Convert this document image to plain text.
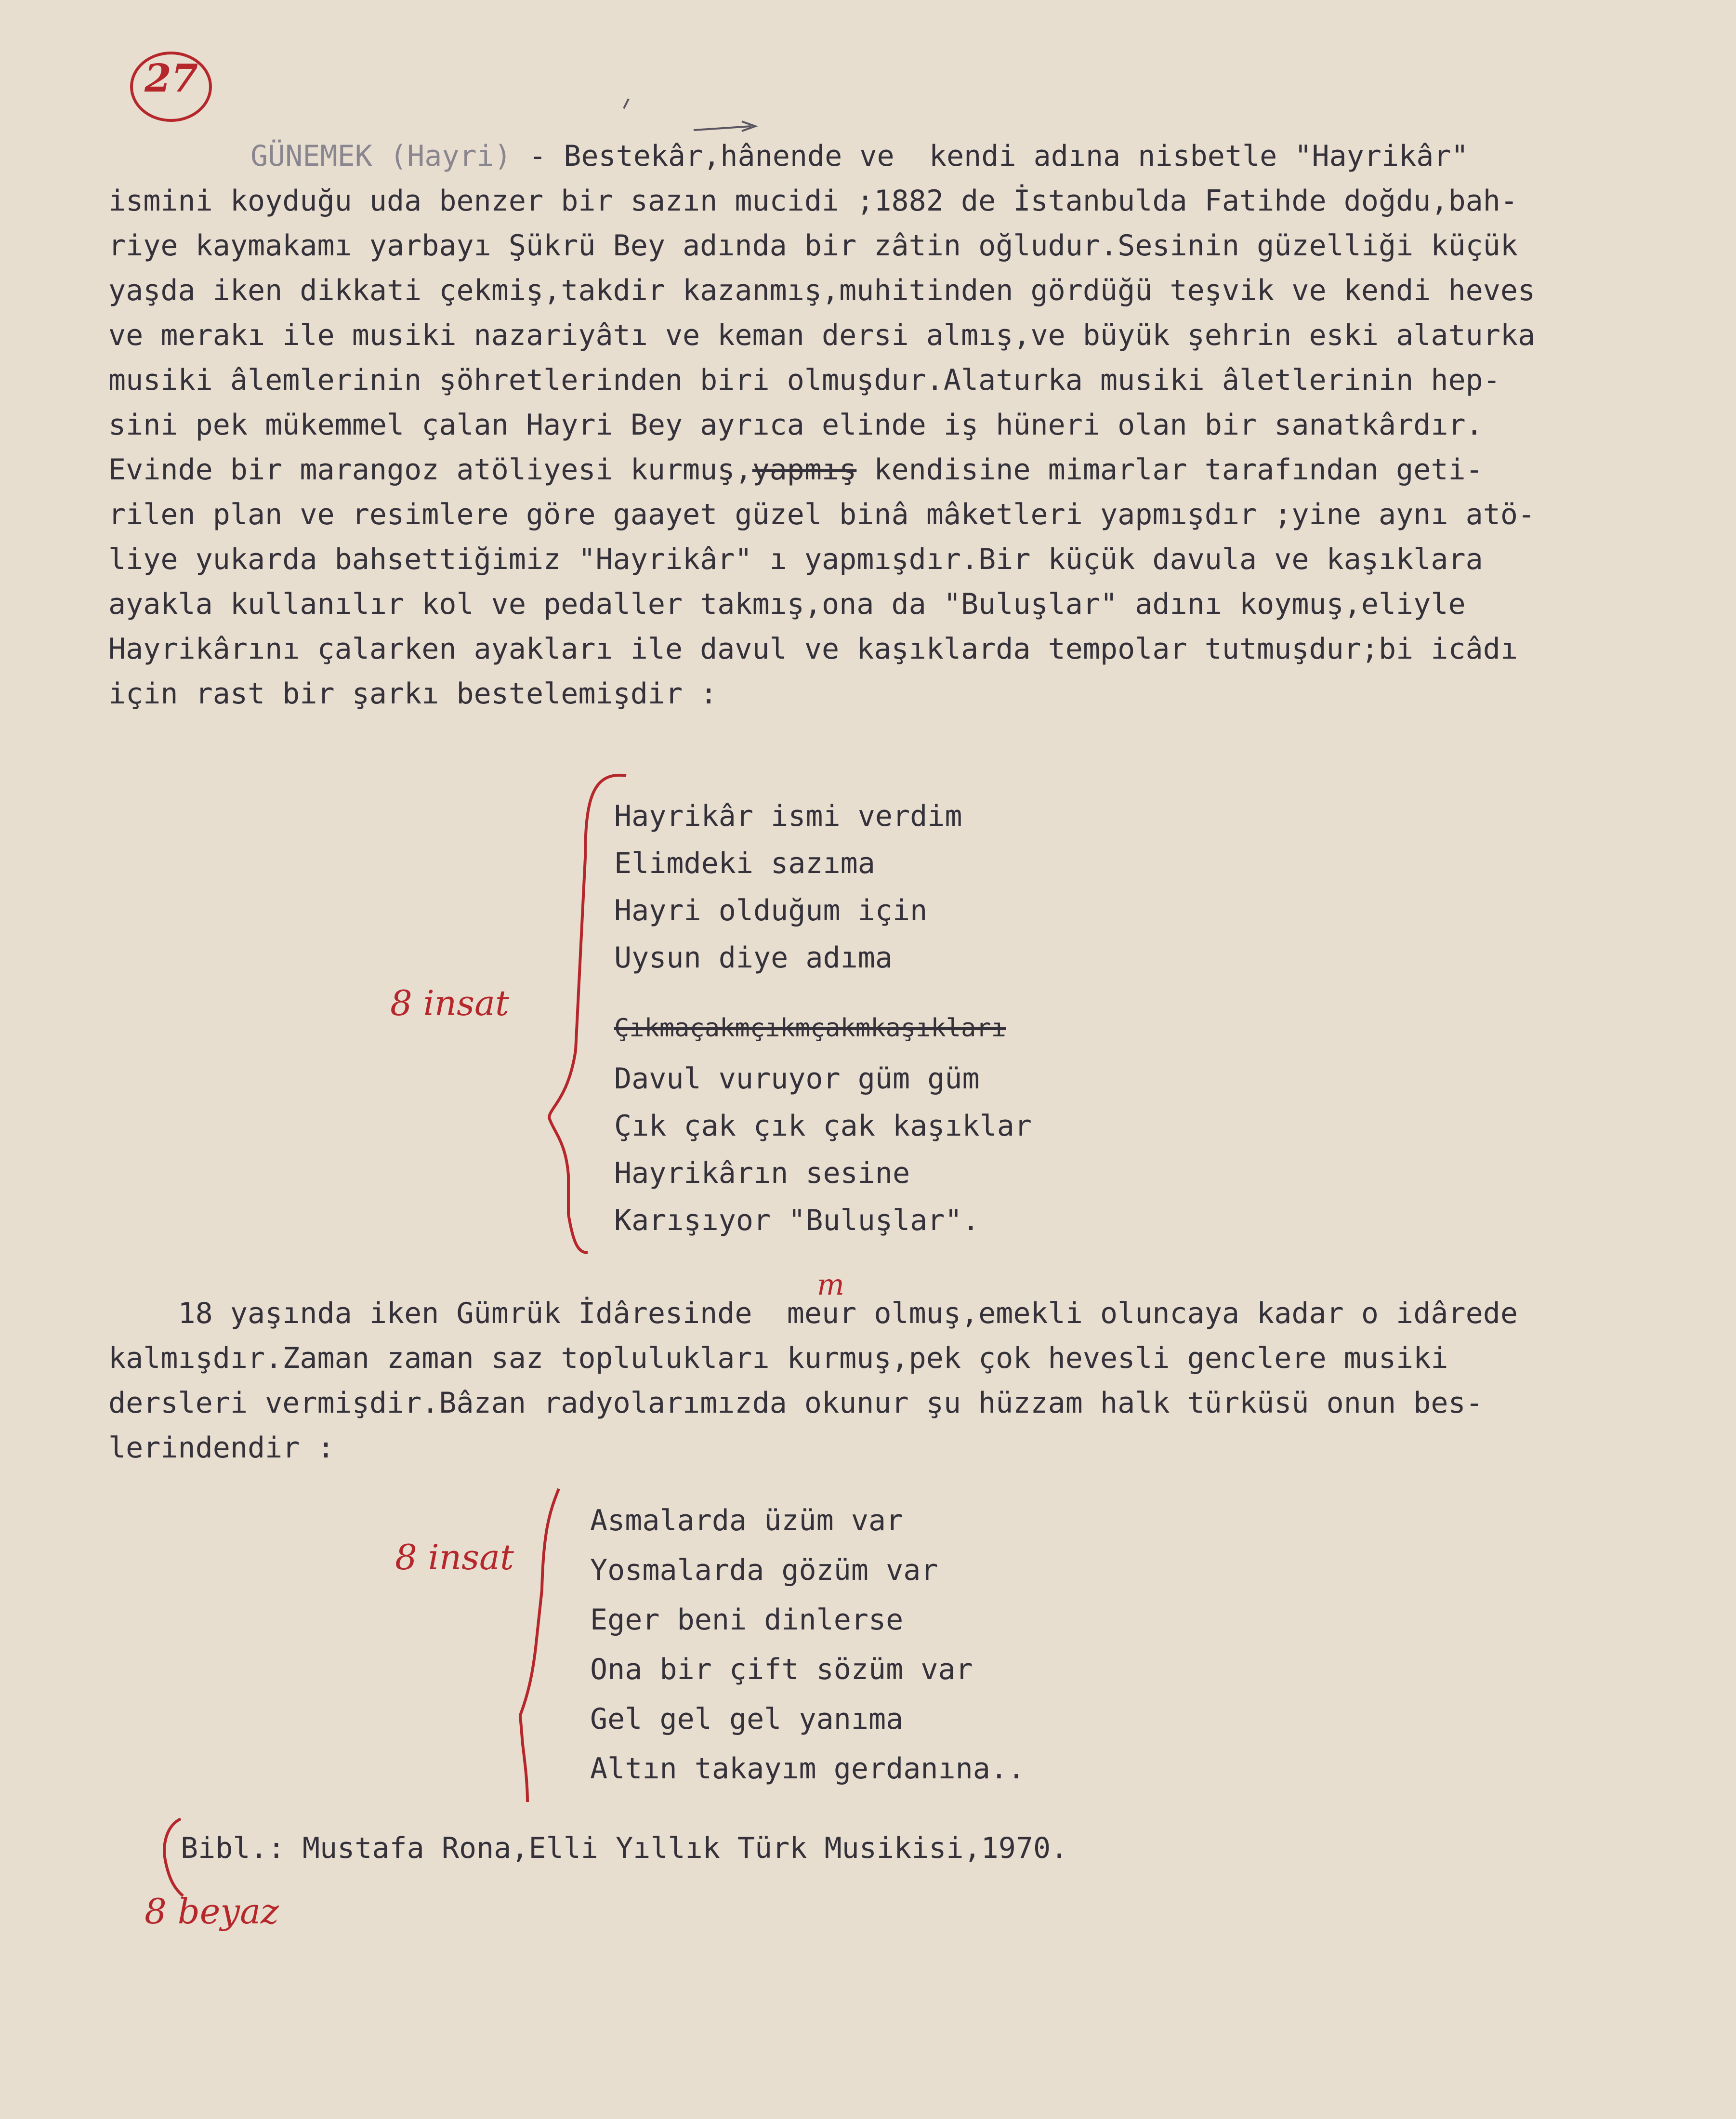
27
8 insat
8 insat
8 beyaz
GÜNEMEK (Hayri) - Bestekâr,hânende ve  kendi adına nisbetle "Hayrikâr"
ismini koyduğu uda benzer bir sazın mucidi ;1882 de İstanbulda Fatihde doğdu,bah-
riye kaymakamı yarbayı Şükrü Bey adında bir zâtin oğludur.Sesinin güzelliği küçük
yaşda iken dikkati çekmiş,takdir kazanmış,muhitinden gördüğü teşvik ve kendi heves
ve merakı ile musiki nazariyâtı ve keman dersi almış,ve büyük şehrin eski alaturka
musiki âlemlerinin şöhretlerinden biri olmuşdur.Alaturka musiki âletlerinin hep-
sini pek mükemmel çalan Hayri Bey ayrıca elinde iş hüneri olan bir sanatkârdır.
Evinde bir marangoz atöliyesi kurmuş,yapmış kendisine mimarlar tarafından geti-
rilen plan ve resimlere göre gaayet güzel binâ mâketleri yapmışdır ;yine aynı atö-
liye yukarda bahsettiğimiz "Hayrikâr" ı yapmışdır.Bir küçük davula ve kaşıklara
ayakla kullanılır kol ve pedaller takmış,ona da "Buluşlar" adını koymuş,eliyle
Hayrikârını çalarken ayakları ile davul ve kaşıklarda tempolar tutmuşdur;bi icâdı
için rast bir şarkı bestelemişdir :
Hayrikâr ismi verdim
Elimdeki sazıma
Hayri olduğum için
Uysun diye adıma
Çıkmaçakmçıkmçakmkaşıkları
Davul vuruyor güm güm
Çık çak çık çak kaşıklar
Hayrikârın sesine
Karışıyor "Buluşlar".
18 yaşında iken Gümrük İdâresinde  me
m
ur olmuş,emekli oluncaya kadar o idârede
kalmışdır.Zaman zaman saz toplulukları kurmuş,pek çok hevesli genclere musiki
dersleri vermişdir.Bâzan radyolarımızda okunur şu hüzzam halk türküsü onun bes-
lerindendir :
Asmalarda üzüm var
Yosmalarda gözüm var
Eger beni dinlerse
Ona bir çift sözüm var
Gel gel gel yanıma
Altın takayım gerdanına..
Bibl.: Mustafa Rona,Elli Yıllık Türk Musikisi,1970.
